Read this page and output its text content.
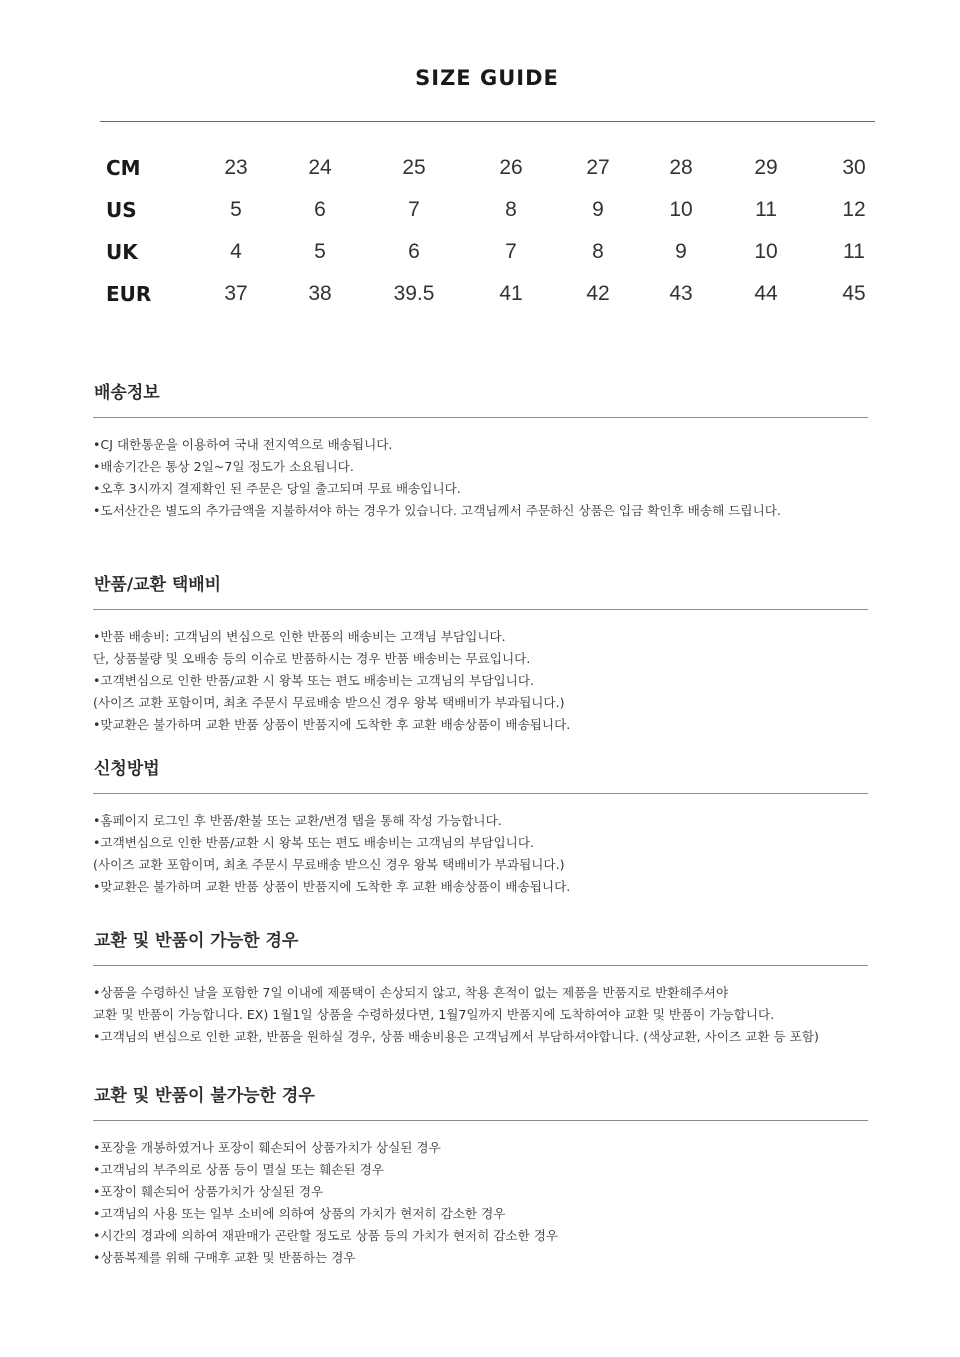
SIZE GUIDE
CM	23	24	25	26	27	28	29	30
US	5	6	7	8	9	10	11	12
UK	4	5	6	7	8	9	10	11
EUR	37	38	39.5	41	42	43	44	45
배송정보
•CJ 대한통운을 이용하여 국내 전지역으로 배송됩니다.
•배송기간은 통상 2일~7일 정도가 소요됩니다.
•오후 3시까지 결제확인 된 주문은 당일 출고되며 무료 배송입니다.
•도서산간은 별도의 추가금액을 지불하셔야 하는 경우가 있습니다. 고객님께서 주문하신 상품은 입금 확인후 배송해 드립니다.
반품/교환 택배비
•반품 배송비: 고객님의 변심으로 인한 반품의 배송비는 고객님 부담입니다.
단, 상품불량 및 오배송 등의 이슈로 반품하시는 경우 반품 배송비는 무료입니다.
•고객변심으로 인한 반품/교환 시 왕복 또는 편도 배송비는 고객님의 부담입니다.
(사이즈 교환 포함이며, 최초 주문시 무료배송 받으신 경우 왕복 택배비가 부과됩니다.)
•맞교환은 불가하며 교환 반품 상품이 반품지에 도착한 후 교환 배송상품이 배송됩니다.
신청방법
•홈페이지 로그인 후 반품/환불 또는 교환/변경 탭을 통해 작성 가능합니다.
•고객변심으로 인한 반품/교환 시 왕복 또는 편도 배송비는 고객님의 부담입니다.
(사이즈 교환 포함이며, 최초 주문시 무료배송 받으신 경우 왕복 택배비가 부과됩니다.)
•맞교환은 불가하며 교환 반품 상품이 반품지에 도착한 후 교환 배송상품이 배송됩니다.
교환 및 반품이 가능한 경우
•상품을 수령하신 날을 포함한 7일 이내에 제품택이 손상되지 않고, 착용 흔적이 없는 제품을 반품지로 반환해주셔야
교환 및 반품이 가능합니다. EX) 1월1일 상품을 수령하셨다면, 1월7일까지 반품지에 도착하여야 교환 및 반품이 가능합니다.
•고객님의 변심으로 인한 교환, 반품을 원하실 경우, 상품 배송비용은 고객님께서 부담하셔야합니다. (색상교환, 사이즈 교환 등 포함)
교환 및 반품이 불가능한 경우
•포장을 개봉하였거나 포장이 훼손되어 상품가치가 상실된 경우
•고객님의 부주의로 상품 등이 멸실 또는 훼손된 경우
•포장이 훼손되어 상품가치가 상실된 경우
•고객님의 사용 또는 일부 소비에 의하여 상품의 가치가 현저히 감소한 경우
•시간의 경과에 의하여 재판매가 곤란할 정도로 상품 등의 가치가 현저히 감소한 경우
•상품복제를 위해 구매후 교환 및 반품하는 경우
